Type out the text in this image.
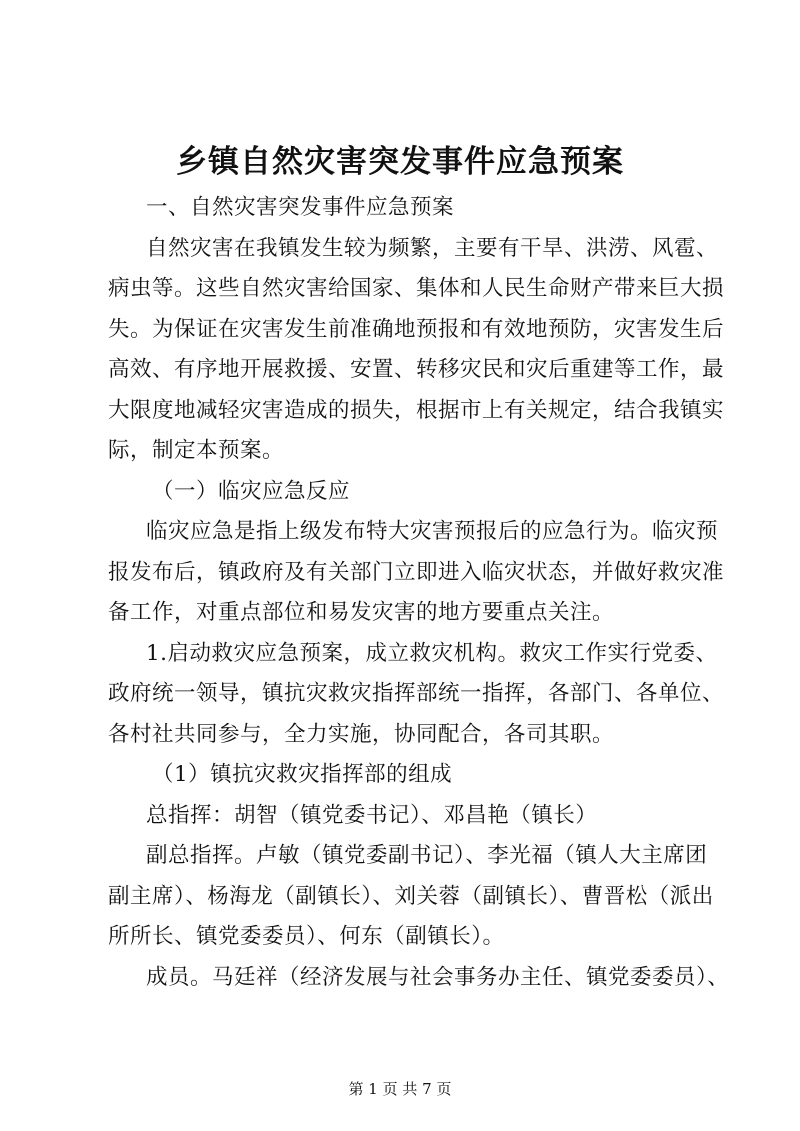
乡镇自然灾害突发事件应急预案
一、自然灾害突发事件应急预案
自然灾害在我镇发生较为频繁，主要有干旱、洪涝、风雹、
病虫等。这些自然灾害给国家、集体和人民生命财产带来巨大损
失。为保证在灾害发生前准确地预报和有效地预防，灾害发生后
高效、有序地开展救援、安置、转移灾民和灾后重建等工作，最
大限度地减轻灾害造成的损失，根据市上有关规定，结合我镇实
际，制定本预案。
（一）临灾应急反应
临灾应急是指上级发布特大灾害预报后的应急行为。临灾预
报发布后，镇政府及有关部门立即进入临灾状态，并做好救灾准
备工作，对重点部位和易发灾害的地方要重点关注。
1.启动救灾应急预案，成立救灾机构。救灾工作实行党委、
政府统一领导，镇抗灾救灾指挥部统一指挥，各部门、各单位、
各村社共同参与，全力实施，协同配合，各司其职。
（1）镇抗灾救灾指挥部的组成
总指挥：胡智（镇党委书记）、邓昌艳（镇长）
副总指挥。卢敏（镇党委副书记）、李光福（镇人大主席团
副主席）、杨海龙（副镇长）、刘关蓉（副镇长）、曹晋松（派出
所所长、镇党委委员）、何东（副镇长）。
成员。马廷祥（经济发展与社会事务办主任、镇党委委员）、
第 1 页 共 7 页
